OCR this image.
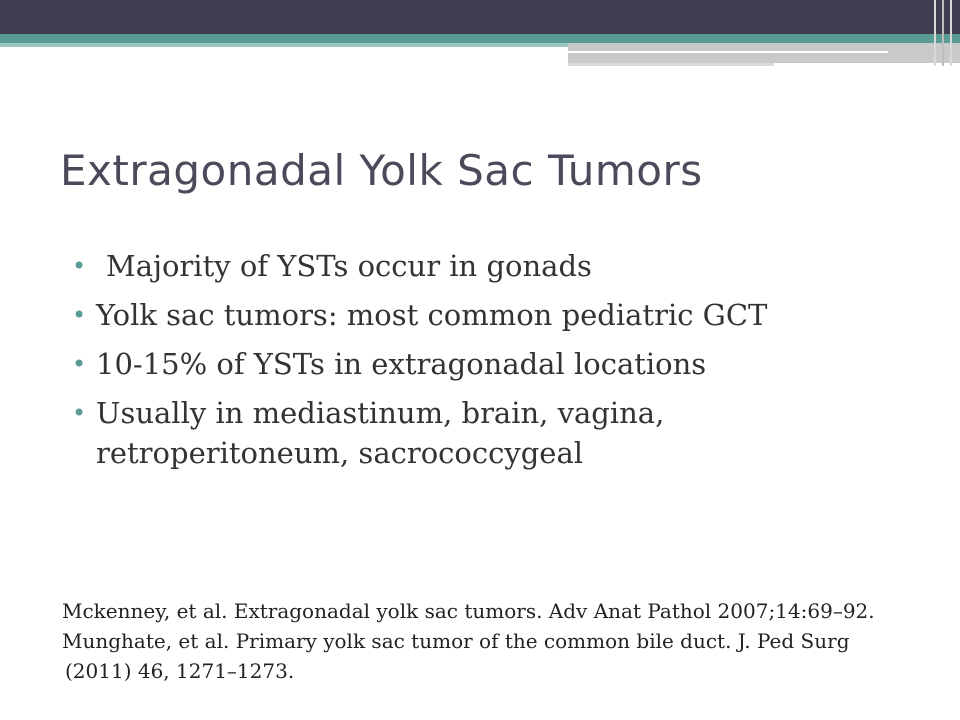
Extragonadal Yolk Sac Tumors
• Majority of YSTs occur in gonads
• Yolk sac tumors: most common pediatric GCT
• 10-15% of YSTs in extragonadal locations
• Usually in mediastinum, brain, vagina,
retroperitoneum, sacrococcygeal
Mckenney, et al. Extragonadal yolk sac tumors. Adv Anat Pathol 2007;14:69–92.
Munghate, et al. Primary yolk sac tumor of the common bile duct. J. Ped Surg
(2011) 46, 1271–1273.
